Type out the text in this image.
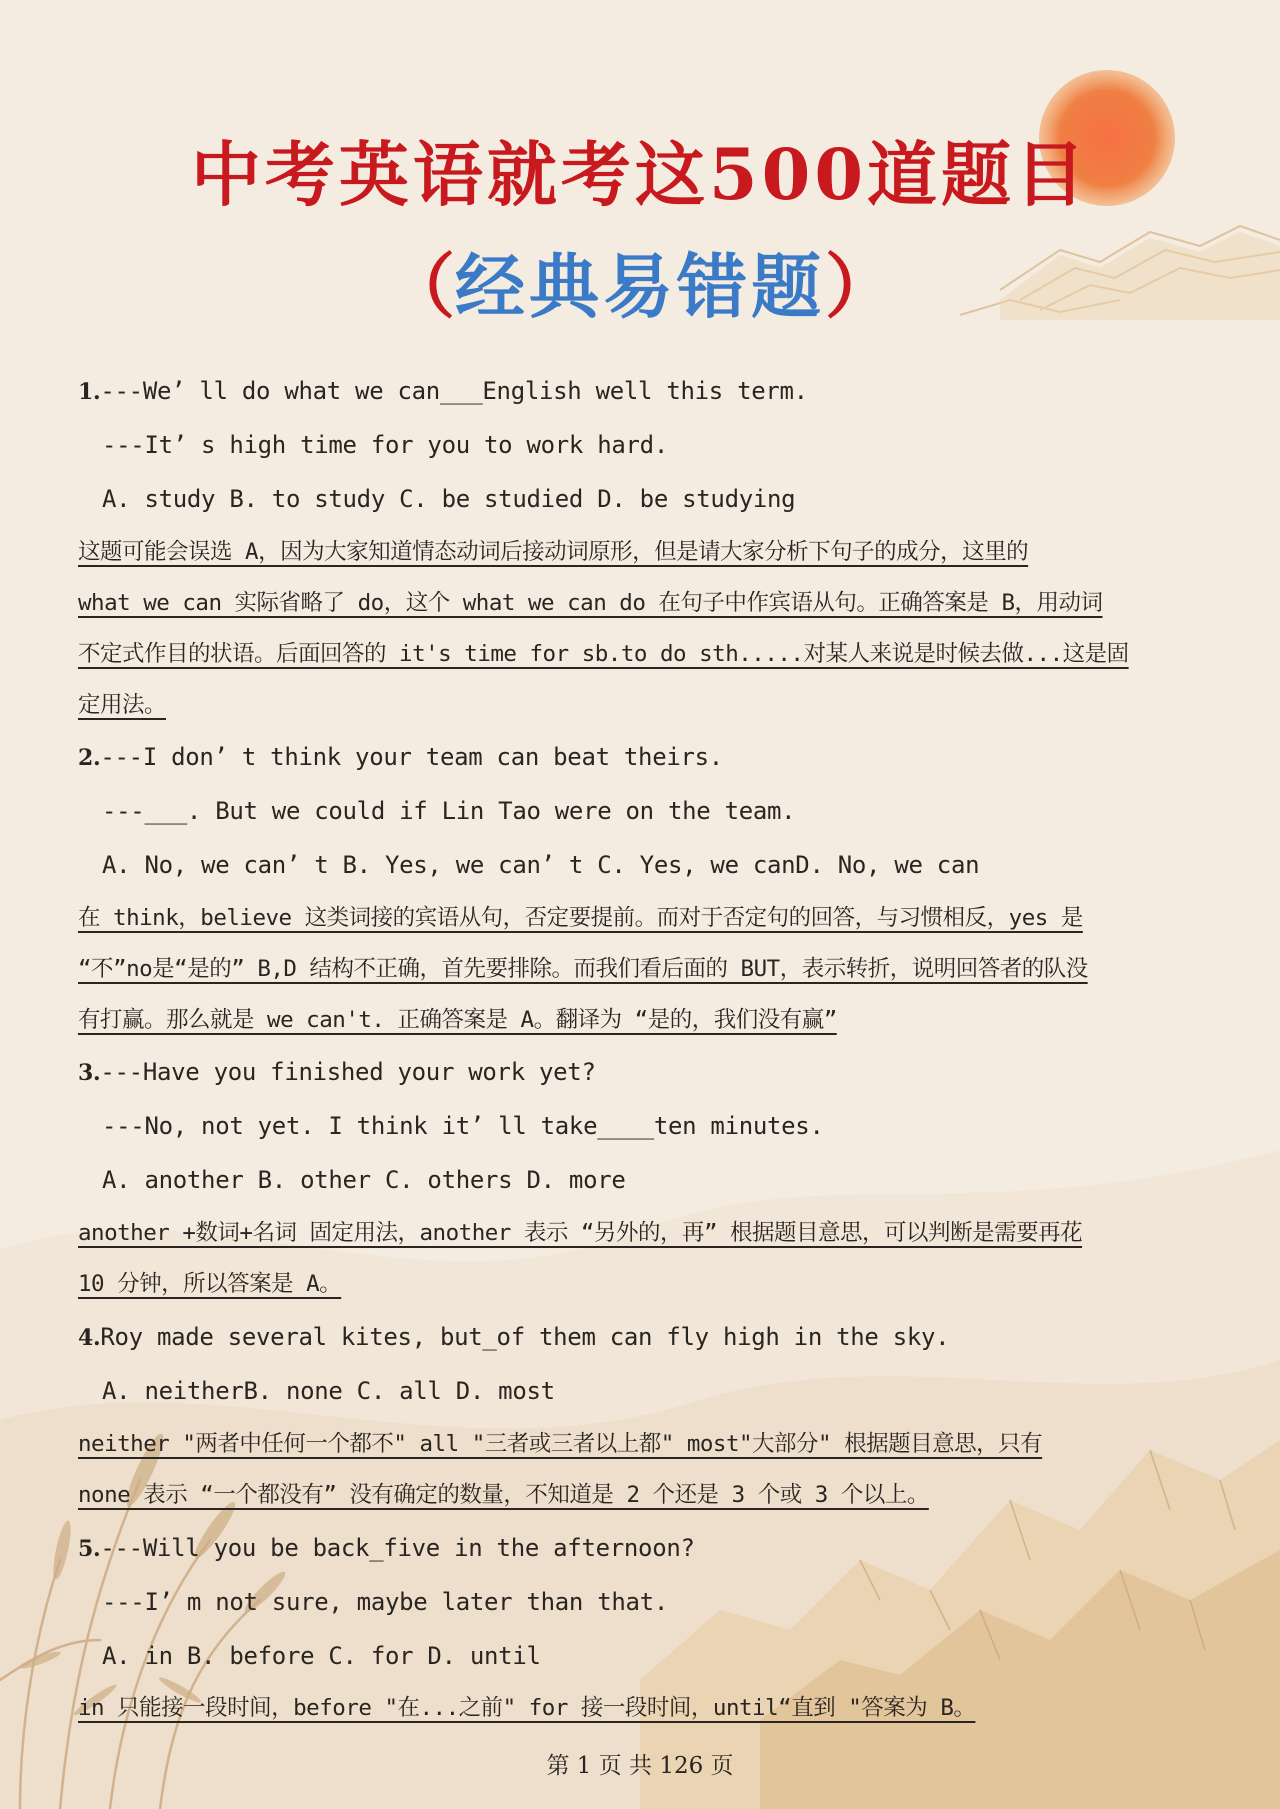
中考英语就考这500道题目
（经典易错题）
1.---We’ ll do what we can___English well this term.
---It’ s high time for you to work hard.
A. study B. to study C. be studied D. be studying
这题可能会误选 A，因为大家知道情态动词后接动词原形，但是请大家分析下句子的成分，这里的
what we can 实际省略了 do，这个 what we can do 在句子中作宾语从句。正确答案是 B，用动词
不定式作目的状语。后面回答的 it's time for sb.to do sth.....对某人来说是时候去做...这是固
定用法。
2.---I don’ t think your team can beat theirs.
---___. But we could if Lin Tao were on the team.
A. No, we can’ t B. Yes, we can’ t C. Yes, we canD. No, we can
在 think，believe 这类词接的宾语从句，否定要提前。而对于否定句的回答，与习惯相反，yes 是
“不”no是“是的” B,D 结构不正确，首先要排除。而我们看后面的 BUT，表示转折，说明回答者的队没
有打赢。那么就是 we can't. 正确答案是 A。翻译为 “是的，我们没有赢”
3.---Have you finished your work yet?
---No, not yet. I think it’ ll take____ten minutes.
A. another B. other C. others D. more
another +数词+名词 固定用法，another 表示 “另外的，再” 根据题目意思，可以判断是需要再花
10 分钟，所以答案是 A。
4.Roy made several kites, but_of them can fly high in the sky.
A. neitherB. none C. all D. most
neither "两者中任何一个都不" all "三者或三者以上都" most"大部分" 根据题目意思，只有
none 表示 “一个都没有” 没有确定的数量，不知道是 2 个还是 3 个或 3 个以上。
5.---Will you be back_five in the afternoon?
---I’ m not sure, maybe later than that.
A. in B. before C. for D. until
in 只能接一段时间，before "在...之前" for 接一段时间，until“直到 "答案为 B。
第 1 页 共 126 页
